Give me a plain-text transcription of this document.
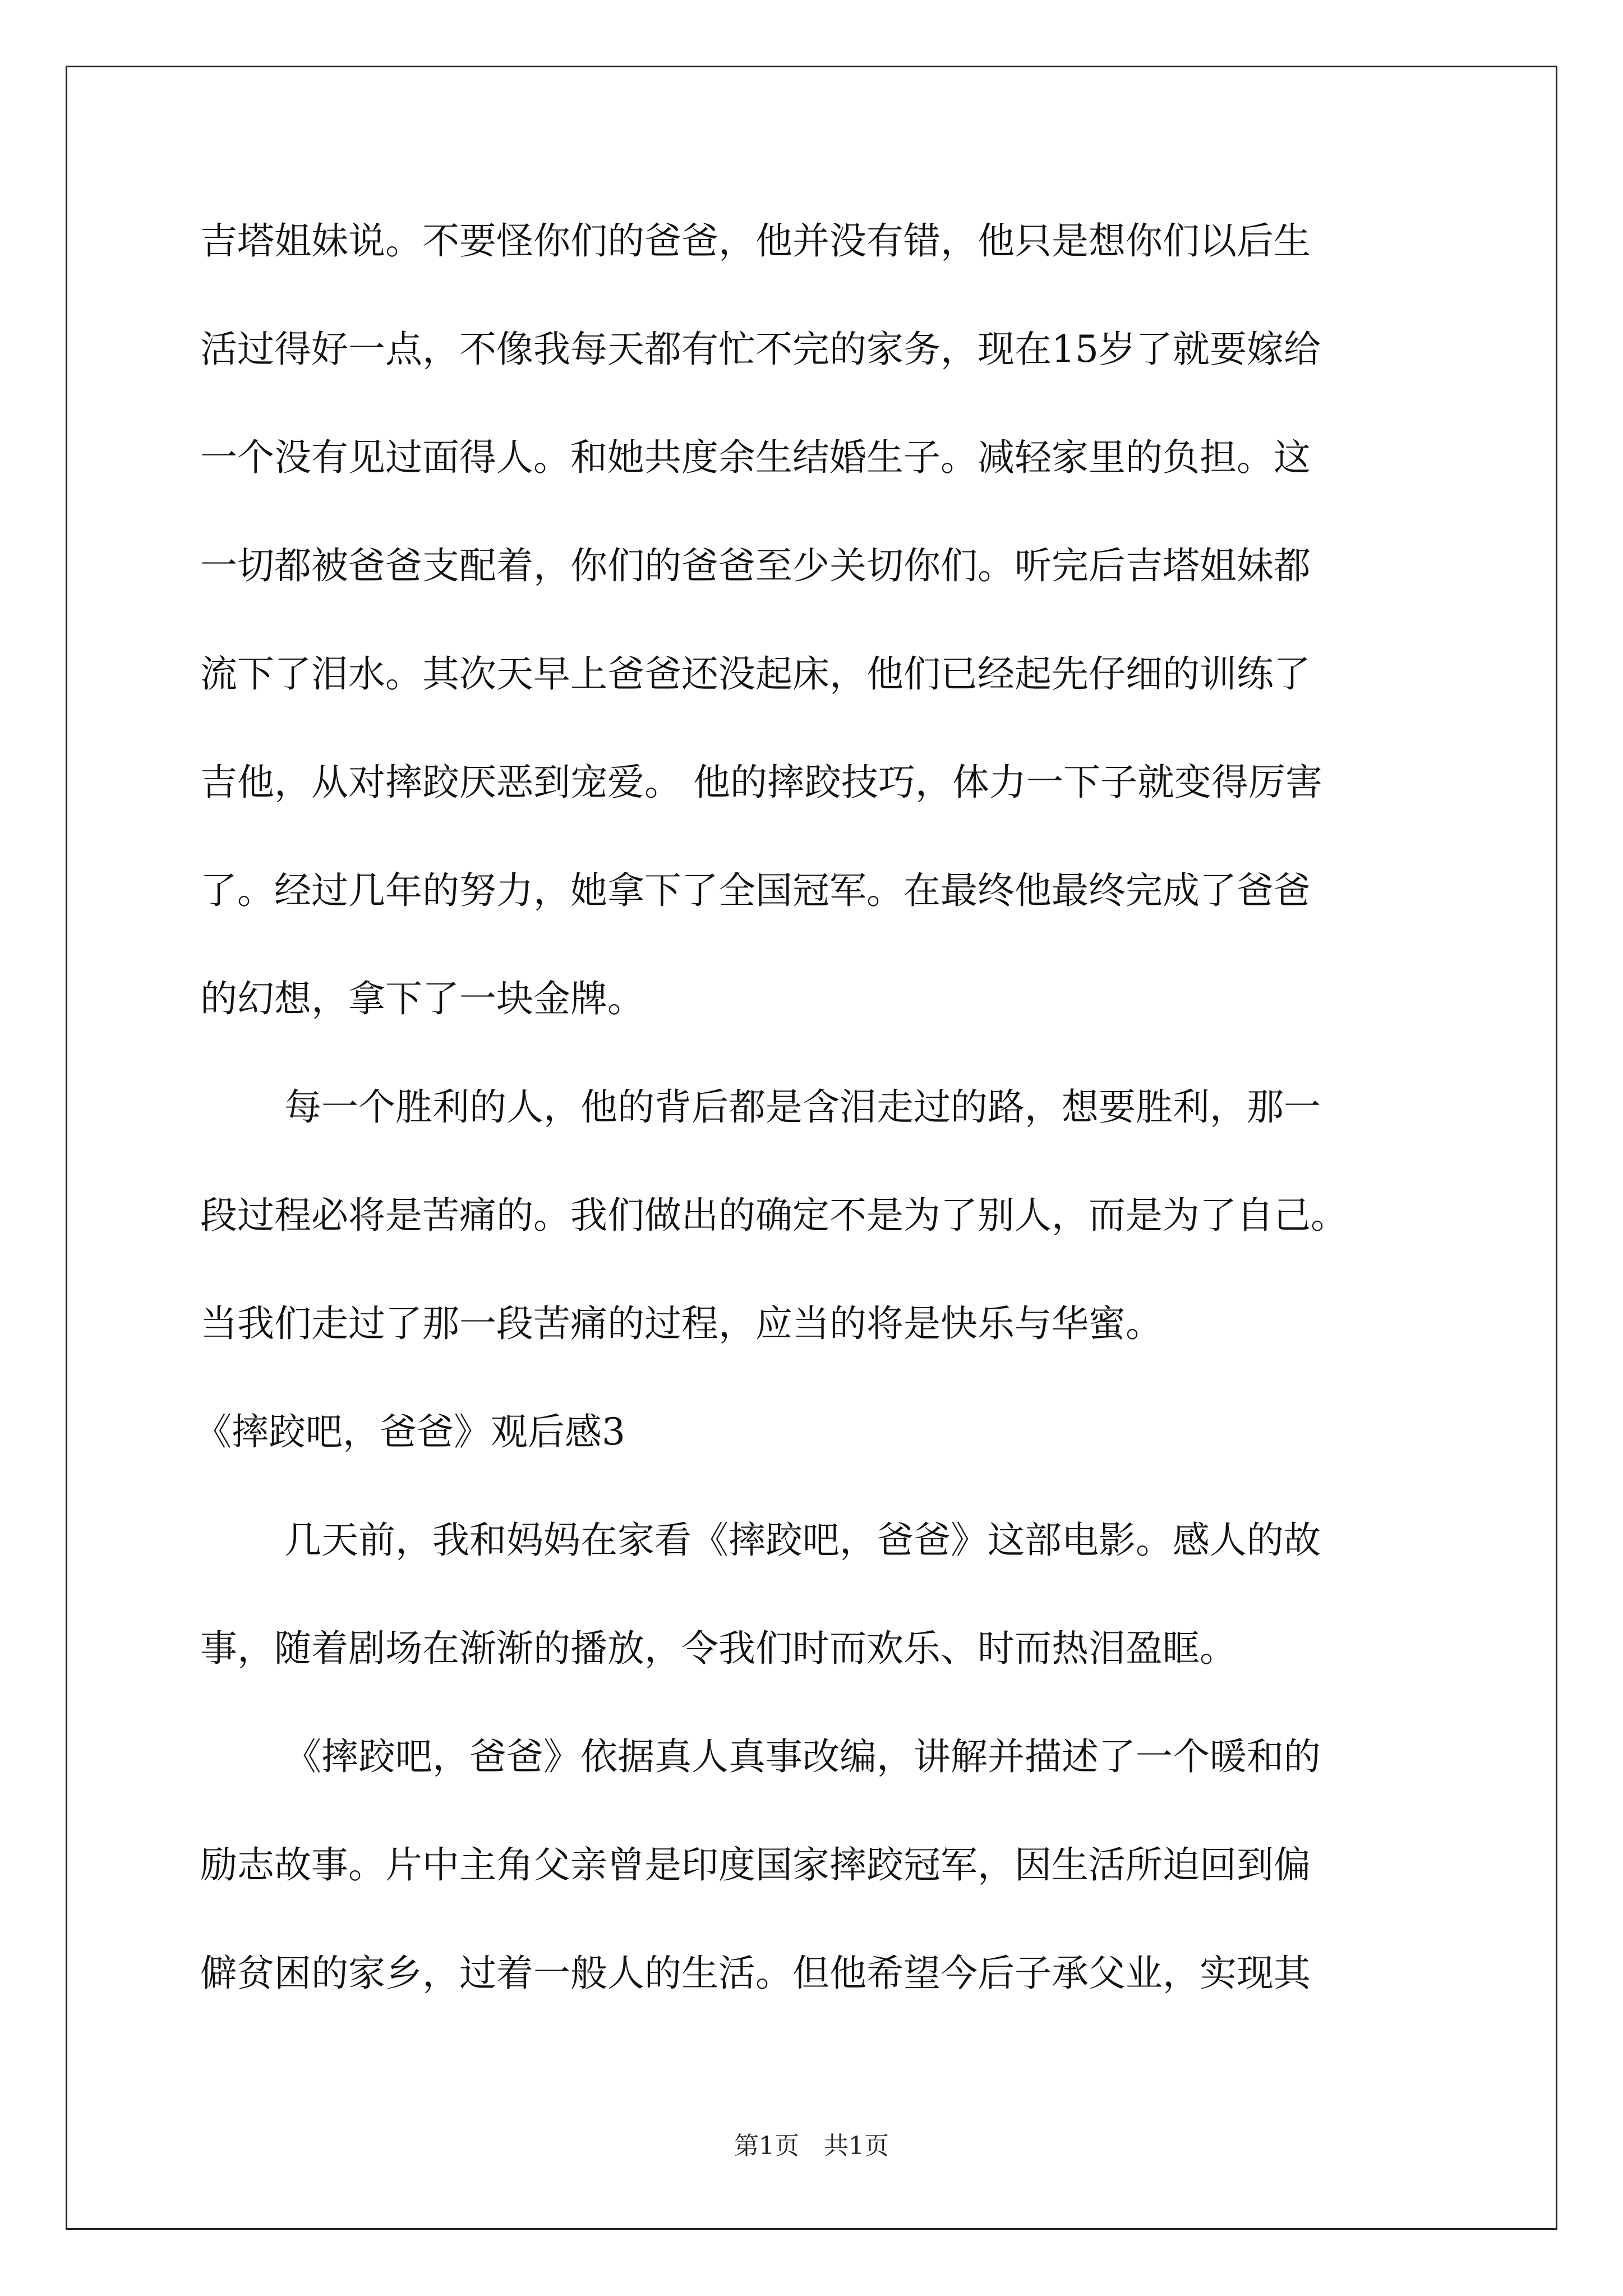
吉塔姐妹说。不要怪你们的爸爸，他并没有错，他只是想你们以后生
活过得好一点，不像我每天都有忙不完的家务，现在15岁了就要嫁给
一个没有见过面得人。和她共度余生结婚生子。减轻家里的负担。这
一切都被爸爸支配着，你们的爸爸至少关切你们。听完后吉塔姐妹都
流下了泪水。其次天早上爸爸还没起床，他们已经起先仔细的训练了
吉他，从对摔跤厌恶到宠爱。 他的摔跤技巧，体力一下子就变得厉害
了。经过几年的努力，她拿下了全国冠军。在最终他最终完成了爸爸
的幻想，拿下了一块金牌。
每一个胜利的人，他的背后都是含泪走过的路，想要胜利，那一
段过程必将是苦痛的。我们做出的确定不是为了别人，而是为了自己。
当我们走过了那一段苦痛的过程，应当的将是快乐与华蜜。
《摔跤吧，爸爸》观后感3
几天前，我和妈妈在家看《摔跤吧，爸爸》这部电影。感人的故
事，随着剧场在渐渐的播放，令我们时而欢乐、时而热泪盈眶。
《摔跤吧，爸爸》依据真人真事改编，讲解并描述了一个暖和的
励志故事。片中主角父亲曾是印度国家摔跤冠军，因生活所迫回到偏
僻贫困的家乡，过着一般人的生活。但他希望今后子承父业，实现其
第1页　共1页
